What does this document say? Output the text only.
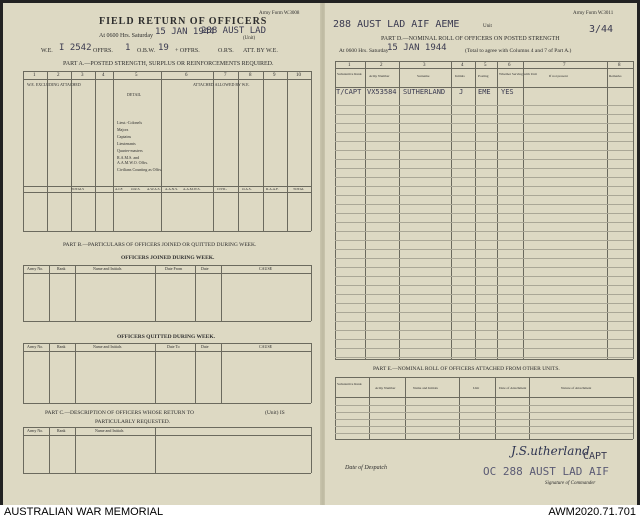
FIELD RETURN OF OFFICERS
Army Form W.3008
At 0600 Hrs. Saturday 15 JAN 1944
288 AUST LAD
(Unit)
W.E. I 2542 OFFRS. 1 O.B.W. 19 + OFFRS.	O.R'S. ATT. BY W.E.
PART A.—POSTED STRENGTH, SURPLUS OR REINFORCEMENTS REQUIRED.
1	2	3	4	5	6	7	8	9	10
W.E. EXCLUDING ATTACHED	ATTACHED ALLOWED BY W.E.
DETAIL
Lieut.-Colonels
Majors
Captains
Lieutenants
Quarter-masters
R.A.M.S. and
A.A.M.W.O. Offrs.
Civilians Counting as Offrs.
TOTALS	A.I.F. O.R.S. A.W.A.S. A.A.N.S. A.A.M.W.S.	CIVIL.	O.A.S.	R.A.A.F.	TOTAL
PART B.—PARTICULARS OF OFFICERS JOINED OR QUITTED DURING WEEK.
OFFICERS JOINED DURING WEEK.
Army No.	Rank	Name and Initials	Date From	Date	CAUSE
OFFICERS QUITTED DURING WEEK.
Army No.	Rank	Name and Initials	Date To	Date	CAUSE
PART C.—DESCRIPTION OF OFFICERS WHOSE RETURN TO	(Unit) IS
PARTICULARLY REQUESTED.
Army No.	Rank	Name and Initials
288 AUST LAD AIF AEME	Unit
Army Form W.3011
3/44
PART D.—NOMINAL ROLL OF OFFICERS ON POSTED STRENGTH
At 0600 Hrs. Saturday
15 JAN 1944	(Total to agree with Columns 4 and 7 of Part A.)
1	2	3	4	5	6	7	8
Substantive Rank Army Number	Surname	Initials	Posting	Whether Serving with Unit	If not present	Remarks
T/CAPT VX53584 SUTHERLAND J EME YES
PART E.—NOMINAL ROLL OF OFFICERS ATTACHED FROM OTHER UNITS.
Substantive Rank
Army Number	Name and Initials	Unit	Date of Attachment	Nature of Attachment
Date of Despatch
J.S.utherland
CAPT
OC 288 AUST LAD AIF
Signature of Commander
AUSTRALIAN WAR MEMORIAL	AWM2020.71.701
